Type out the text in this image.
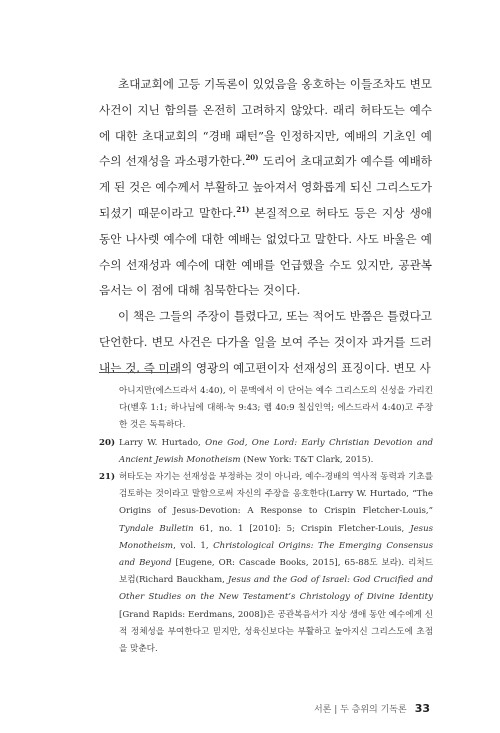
초대교회에 고등 기독론이 있었음을 옹호하는 이들조차도 변모 사건이 지닌 함의를 온전히 고려하지 않았다. 래리 허타도는 예수에 대한 초대교회의 “경배 패턴”을 인정하지만, 예배의 기초인 예수의 선재성을 과소평가한다.$^{20)}$ 도리어 초대교회가 예수를 예배하게 된 것은 예수께서 부활하고 높아져서 영화롭게 되신 그리스도가 되셨기 때문이라고 말한다.$^{21)}$ 본질적으로 허타도 등은 지상 생애 동안 나사렛 예수에 대한 예배는 없었다고 말한다. 사도 바울은 예수의 선재성과 예수에 대한 예배를 언급했을 수도 있지만, 공관복음서는 이 점에 대해 침묵한다는 것이다.

이 책은 그들의 주장이 틀렸다고, 또는 적어도 반쯤은 틀렸다고 단언한다. 변모 사건은 다가올 일을 보여 주는 것이자 과거를 드러내는 것, 즉 미래의 영광의 예고편이자 선재성의 표징이다. 변모 사

아니지만(에스드라서 4:40), 이 문맥에서 이 단어는 예수 그리스도의 신성을 가리킨다(벧후 1:1; 하나님에 대해-눅 9:43; 렘 40:9 칠십인역; 에스드라서 4:40)고 주장한 것은 독특하다.

20) Larry W. Hurtado, One God, One Lord: Early Christian Devotion and Ancient Jewish Monotheism (New York: T&T Clark, 2015).

21) 허타도는 자기는 선재성을 부정하는 것이 아니라, 예수-경배의 역사적 동력과 기초를 검토하는 것이라고 말함으로써 자신의 주장을 옹호한다(Larry W. Hurtado, “The Origins of Jesus-Devotion: A Response to Crispin Fletcher-Louis,” Tyndale Bulletin 61, no. 1 [2010]: 5; Crispin Fletcher-Louis, Jesus Monotheism, vol. 1, Christological Origins: The Emerging Consensus and Beyond [Eugene, OR: Cascade Books, 2015], 65-88도 보라). 리처드 보컴(Richard Bauckham, Jesus and the God of Israel: God Crucified and Other Studies on the New Testament’s Christology of Divine Identity [Grand Rapids: Eerdmans, 2008])은 공관복음서가 지상 생애 동안 예수에게 신적 정체성을 부여한다고 믿지만, 성육신보다는 부활하고 높아지신 그리스도에 초점을 맞춘다.

서론 | 두 층위의 기독론 33
